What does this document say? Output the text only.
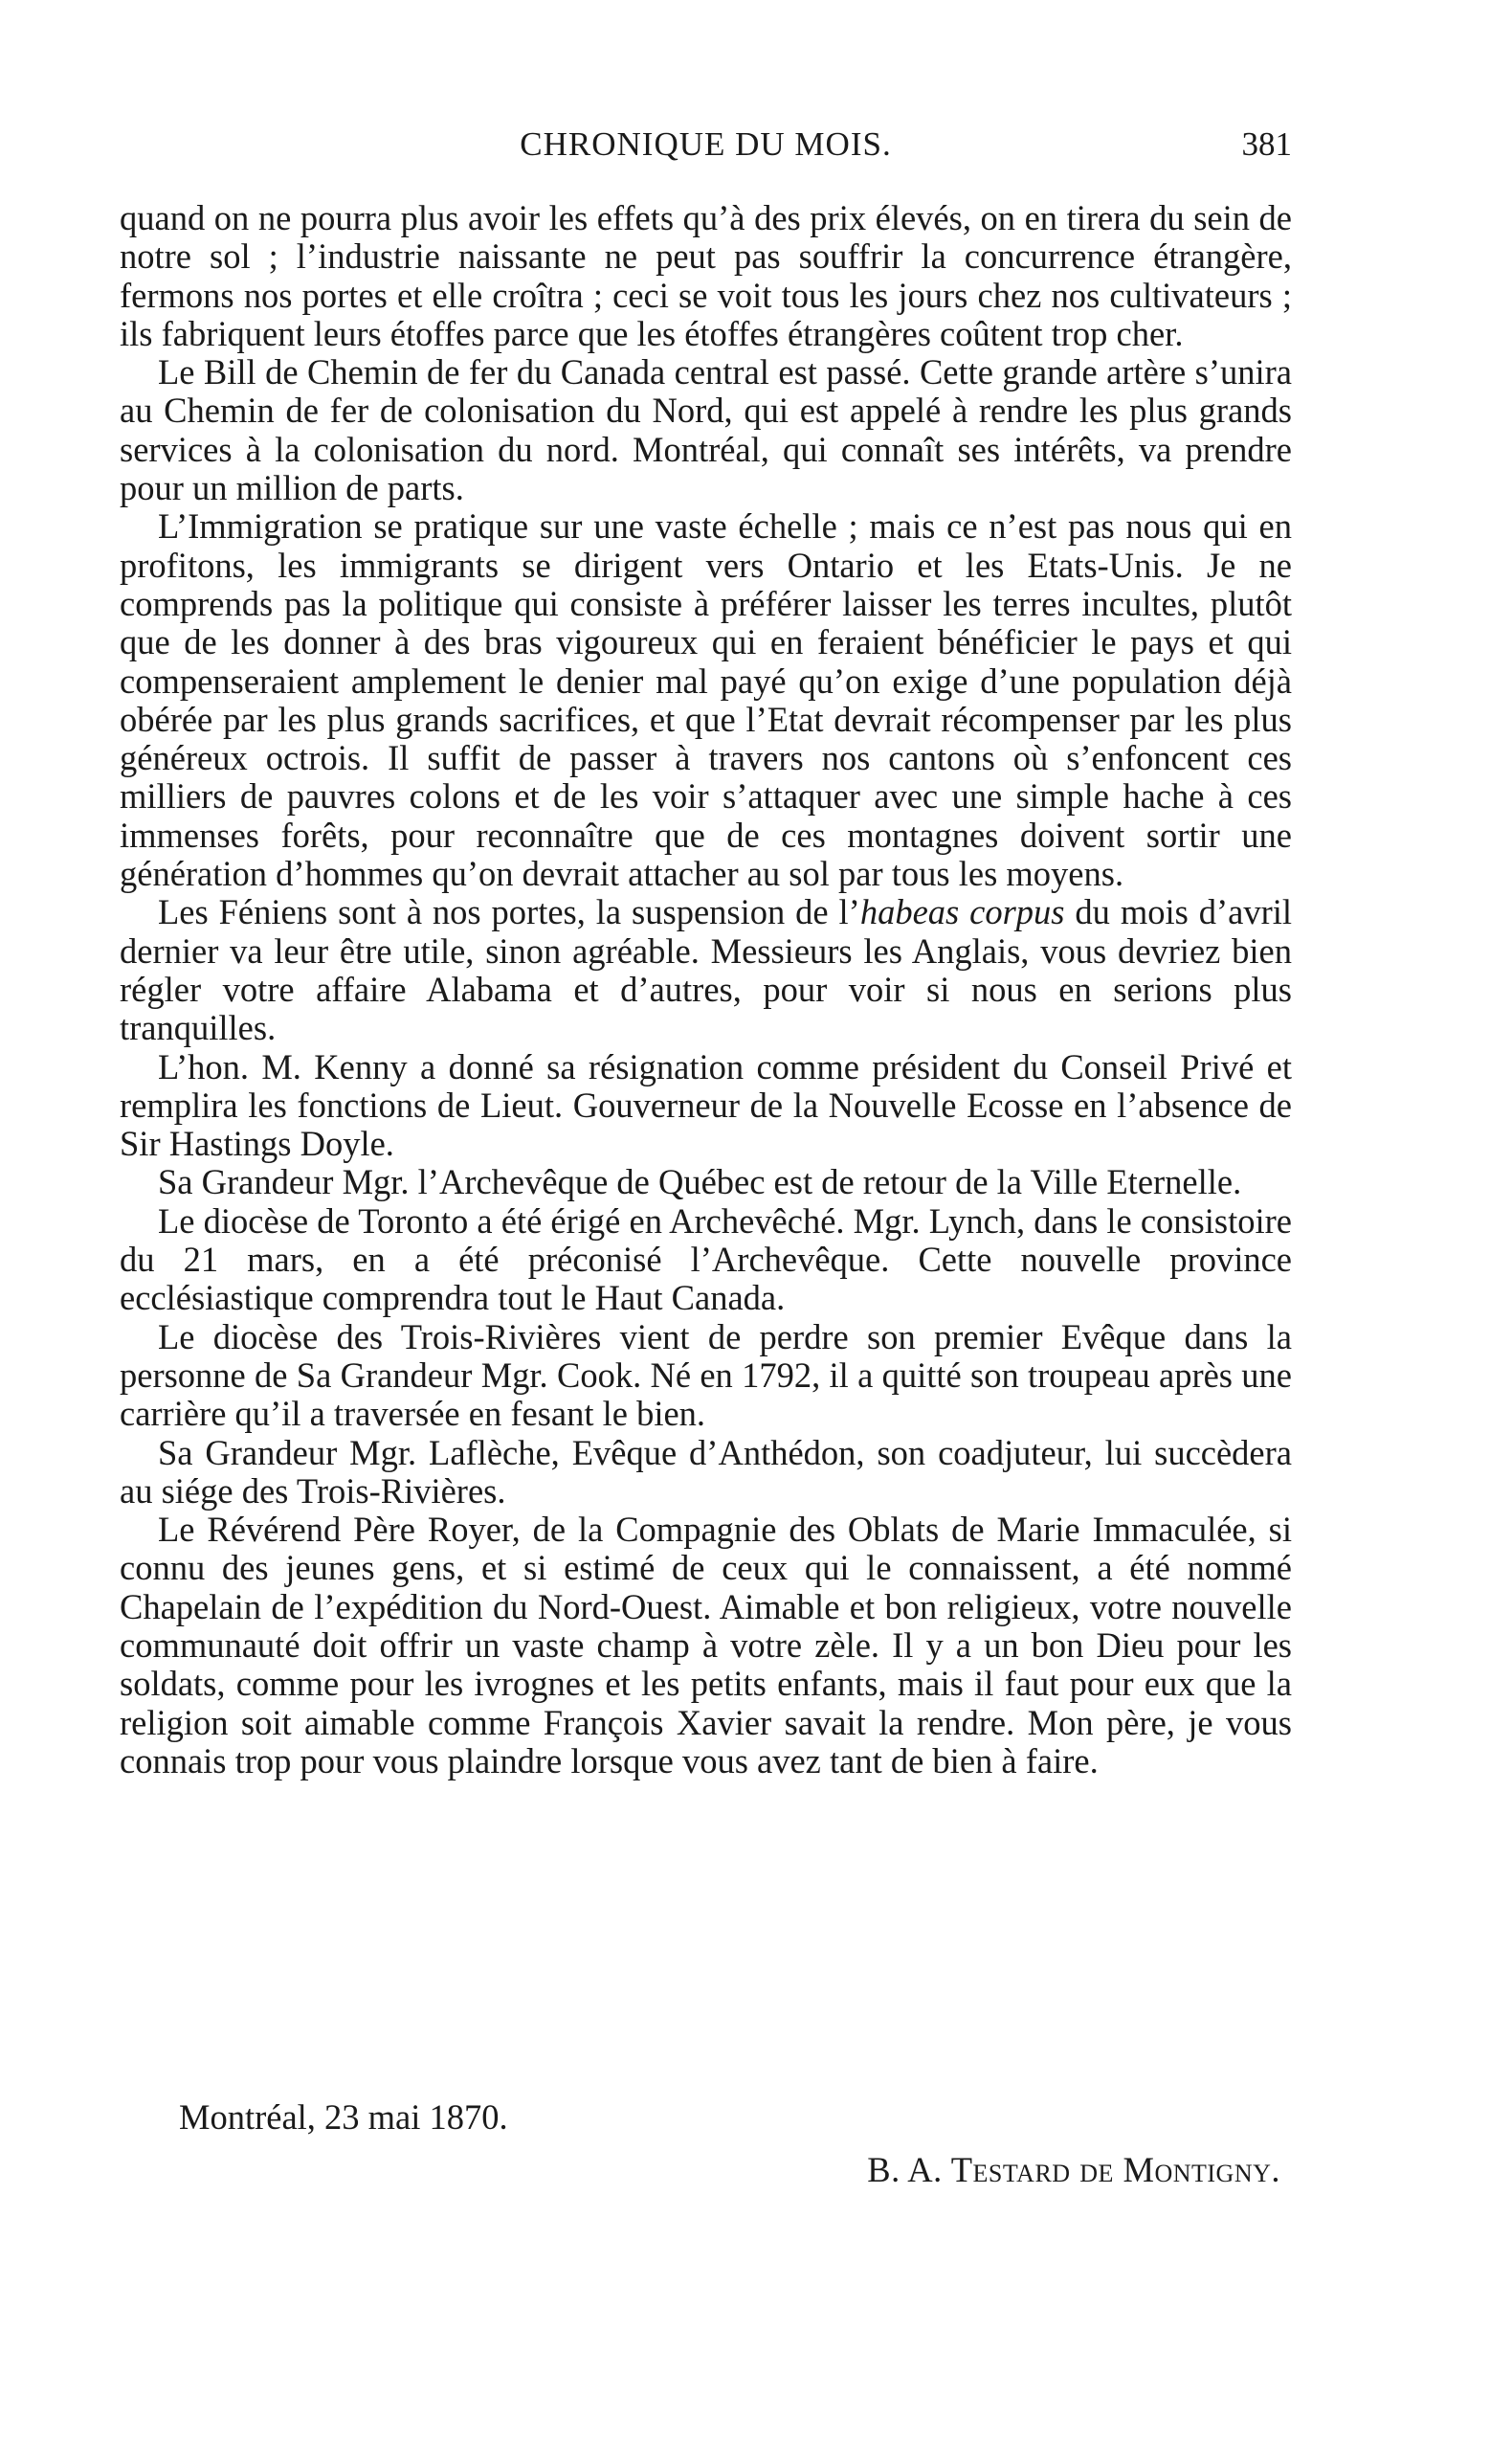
CHRONIQUE DU MOIS.	381

quand on ne pourra plus avoir les effets qu’à des prix élevés, on en tirera du sein de notre sol ; l’industrie naissante ne peut pas souffrir la concurrence étrangère, fermons nos portes et elle croîtra ; ceci se voit tous les jours chez nos cultivateurs ; ils fabriquent leurs étoffes parce que les étoffes étrangères coûtent trop cher.

Le Bill de Chemin de fer du Canada central est passé. Cette grande artère s’unira au Chemin de fer de colonisation du Nord, qui est appelé à rendre les plus grands services à la colonisation du nord. Montréal, qui connaît ses intérêts, va prendre pour un million de parts.

L’Immigration se pratique sur une vaste échelle ; mais ce n’est pas nous qui en profitons, les immigrants se dirigent vers Ontario et les Etats-Unis. Je ne comprends pas la politique qui consiste à préférer laisser les terres incultes, plutôt que de les donner à des bras vigoureux qui en feraient bénéficier le pays et qui compenseraient amplement le denier mal payé qu’on exige d’une population déjà obérée par les plus grands sacrifices, et que l’Etat devrait récompenser par les plus généreux octrois. Il suffit de passer à travers nos cantons où s’enfoncent ces milliers de pauvres colons et de les voir s’attaquer avec une simple hache à ces immenses forêts, pour reconnaître que de ces montagnes doivent sortir une génération d’hommes qu’on devrait attacher au sol par tous les moyens.

Les Féniens sont à nos portes, la suspension de l’habeas corpus du mois d’avril dernier va leur être utile, sinon agréable. Messieurs les Anglais, vous devriez bien régler votre affaire Alabama et d’autres, pour voir si nous en serions plus tranquilles.

L’hon. M. Kenny a donné sa résignation comme président du Conseil Privé et remplira les fonctions de Lieut. Gouverneur de la Nouvelle Ecosse en l’absence de Sir Hastings Doyle.

Sa Grandeur Mgr. l’Archevêque de Québec est de retour de la Ville Eternelle.

Le diocèse de Toronto a été érigé en Archevêché. Mgr. Lynch, dans le consistoire du 21 mars, en a été préconisé l’Archevêque. Cette nouvelle province ecclésiastique comprendra tout le Haut Canada.

Le diocèse des Trois-Rivières vient de perdre son premier Evêque dans la personne de Sa Grandeur Mgr. Cook. Né en 1792, il a quitté son troupeau après une carrière qu’il a traversée en fesant le bien.

Sa Grandeur Mgr. Laflèche, Evêque d’Anthédon, son coadjuteur, lui succèdera au siége des Trois-Rivières.

Le Révérend Père Royer, de la Compagnie des Oblats de Marie Immaculée, si connu des jeunes gens, et si estimé de ceux qui le connaissent, a été nommé Chapelain de l’expédition du Nord-Ouest. Aimable et bon religieux, votre nouvelle communauté doit offrir un vaste champ à votre zèle. Il y a un bon Dieu pour les soldats, comme pour les ivrognes et les petits enfants, mais il faut pour eux que la religion soit aimable comme François Xavier savait la rendre. Mon père, je vous connais trop pour vous plaindre lorsque vous avez tant de bien à faire.

Montréal, 23 mai 1870.
B. A. Testard de Montigny.
